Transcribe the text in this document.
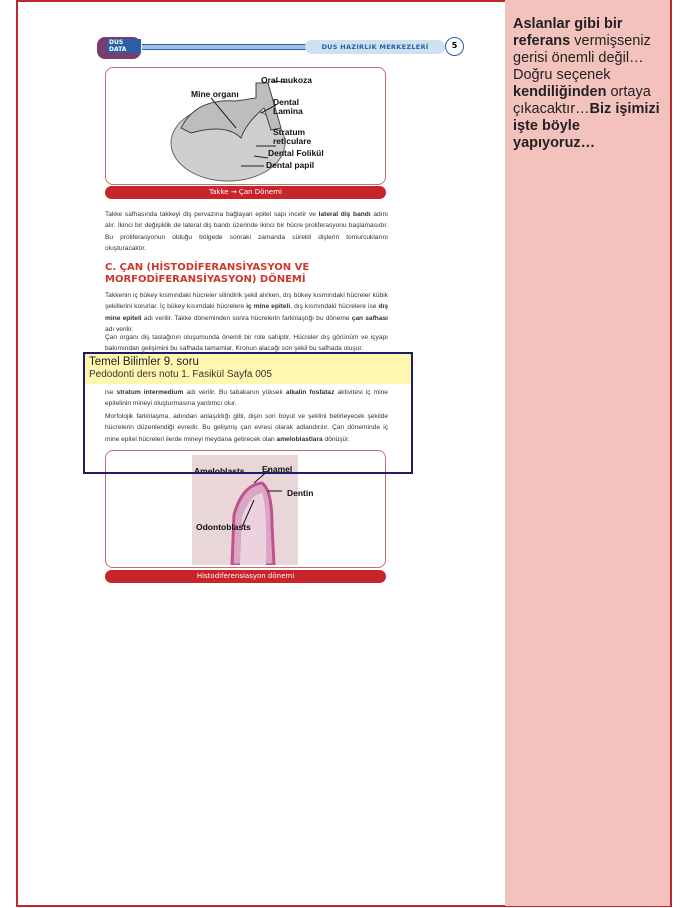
Aslanlar gibi bir referans vermişseniz gerisi önemli değil… Doğru seçenek kendiliğinden ortaya çıkacaktır…Biz işimizi işte böyle yapıyoruz…
DUS DATA	DUS HAZIRLIK MERKEZLERİ	5
Oral mukoza
Mine organı
Dental Lamina
Stratum reticulare
Dental Folikül
Dental papil
Takke → Çan Dönemi
Takke safhasında takkeyi diş pervazına bağlayan epitel sapı incelir ve lateral diş bandı adını alır. İkinci bir değişiklik de lateral diş bandı üzerinde ikinci bir hücre proliferasyonu başlamasıdır. Bu proliferasyonun olduğu bölgede sonraki zamanda sürekli dişlerin tomurcuklarını oluşturacaktır.
C. ÇAN (HİSTODİFERANSİYASYON VE MORFODİFERANSİYASYON) DÖNEMİ
Takkenin iç bükey kısmındaki hücreler silindirik şekil alırken, dış bükey kısmındaki hücreler kübik şekillerini korurlar. İç bükey kısımdaki hücrelere iç mine epiteli, dış kısmındaki hücrelere ise dış mine epiteli adı verilir. Takke döneminden sonra hücrelerin farklılaştığı bu döneme çan safhası adı verilir.
Çan organı diş taslağının oluşumunda önemli bir role sahiptir. Hücreler dış görünüm ve içyapı bakımından gelişimini bu safhada tamamlar. Kronun alacağı son şekil bu safhada oluşur.
ise stratum intermedium adı verilir. Bu tabakanın yüksek alkalin fosfataz aktivitesi iç mine epitelinin mineyi oluşturmasına yardımcı olur.
Morfolojik farklılaşma, adından anlaşıldığı gibi, dişin son boyut ve şeklini belirleyecek şekilde hücrelerin düzenlendiği evredir. Bu gelişmiş çan evresi olarak adlandırılır. Çan döneminde iç mine epitel hücreleri ilerde mineyi meydana getirecek olan ameloblastlara dönüşür.
Ameloblasts Enamel
Dentin
Odontoblasts
Histodiferensiasyon dönemi
Temel Bilimler 9. soru
Pedodonti ders notu 1. Fasikül Sayfa 005
